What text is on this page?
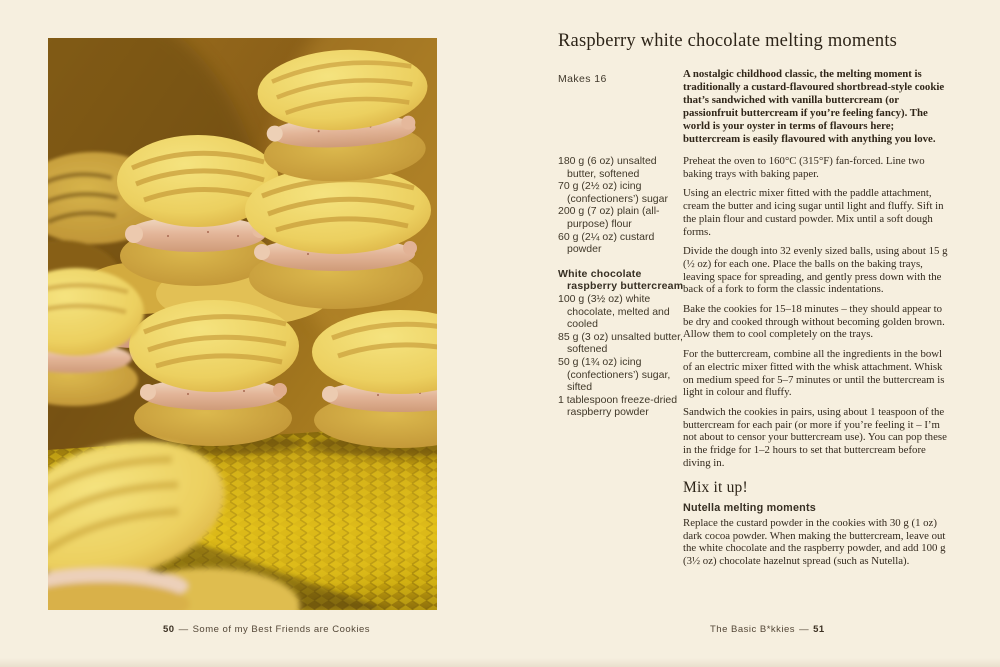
Raspberry white chocolate melting moments
Makes 16	A nostalgic childhood classic, the melting moment is traditionally a custard-flavoured shortbread-style cookie that’s sandwiched with vanilla buttercream (or passionfruit buttercream if you’re feeling fancy). The world is your oyster in terms of flavours here; buttercream is easily flavoured with anything you love.

180 g (6 oz) unsalted butter, softened

70 g (2½ oz) icing (confectioners’) sugar

200 g (7 oz) plain (all-purpose) flour

60 g (2¼ oz) custard powder

White chocolate raspberry buttercream

100 g (3½ oz) white chocolate, melted and cooled

85 g (3 oz) unsalted butter, softened

50 g (1¾ oz) icing (confectioners’) sugar, sifted

1 tablespoon freeze-dried raspberry powder

Preheat the oven to 160°C (315°F) fan-forced. Line two baking trays with baking paper.

Using an electric mixer fitted with the paddle attachment, cream the butter and icing sugar until light and fluffy. Sift in the plain flour and custard powder. Mix until a soft dough forms.

Divide the dough into 32 evenly sized balls, using about 15 g (½ oz) for each one. Place the balls on the baking trays, leaving space for spreading, and gently press down with the back of a fork to form the classic indentations.

Bake the cookies for 15–18 minutes – they should appear to be dry and cooked through without becoming golden brown. Allow them to cool completely on the trays.

For the buttercream, combine all the ingredients in the bowl of an electric mixer fitted with the whisk attachment. Whisk on medium speed for 5–7 minutes or until the buttercream is light in colour and fluffy.

Sandwich the cookies in pairs, using about 1 teaspoon of the buttercream for each pair (or more if you’re feeling it – I’m not about to censor your buttercream use). You can pop these in the fridge for 1–2 hours to set that buttercream before diving in.

Mix it up!
Nutella melting moments

Replace the custard powder in the cookies with 30 g (1 oz) dark cocoa powder. When making the buttercream, leave out the white chocolate and the raspberry powder, and add 100 g (3½ oz) chocolate hazelnut spread (such as Nutella).

50 — Some of my Best Friends are Cookies	The Basic B*kkies — 51
